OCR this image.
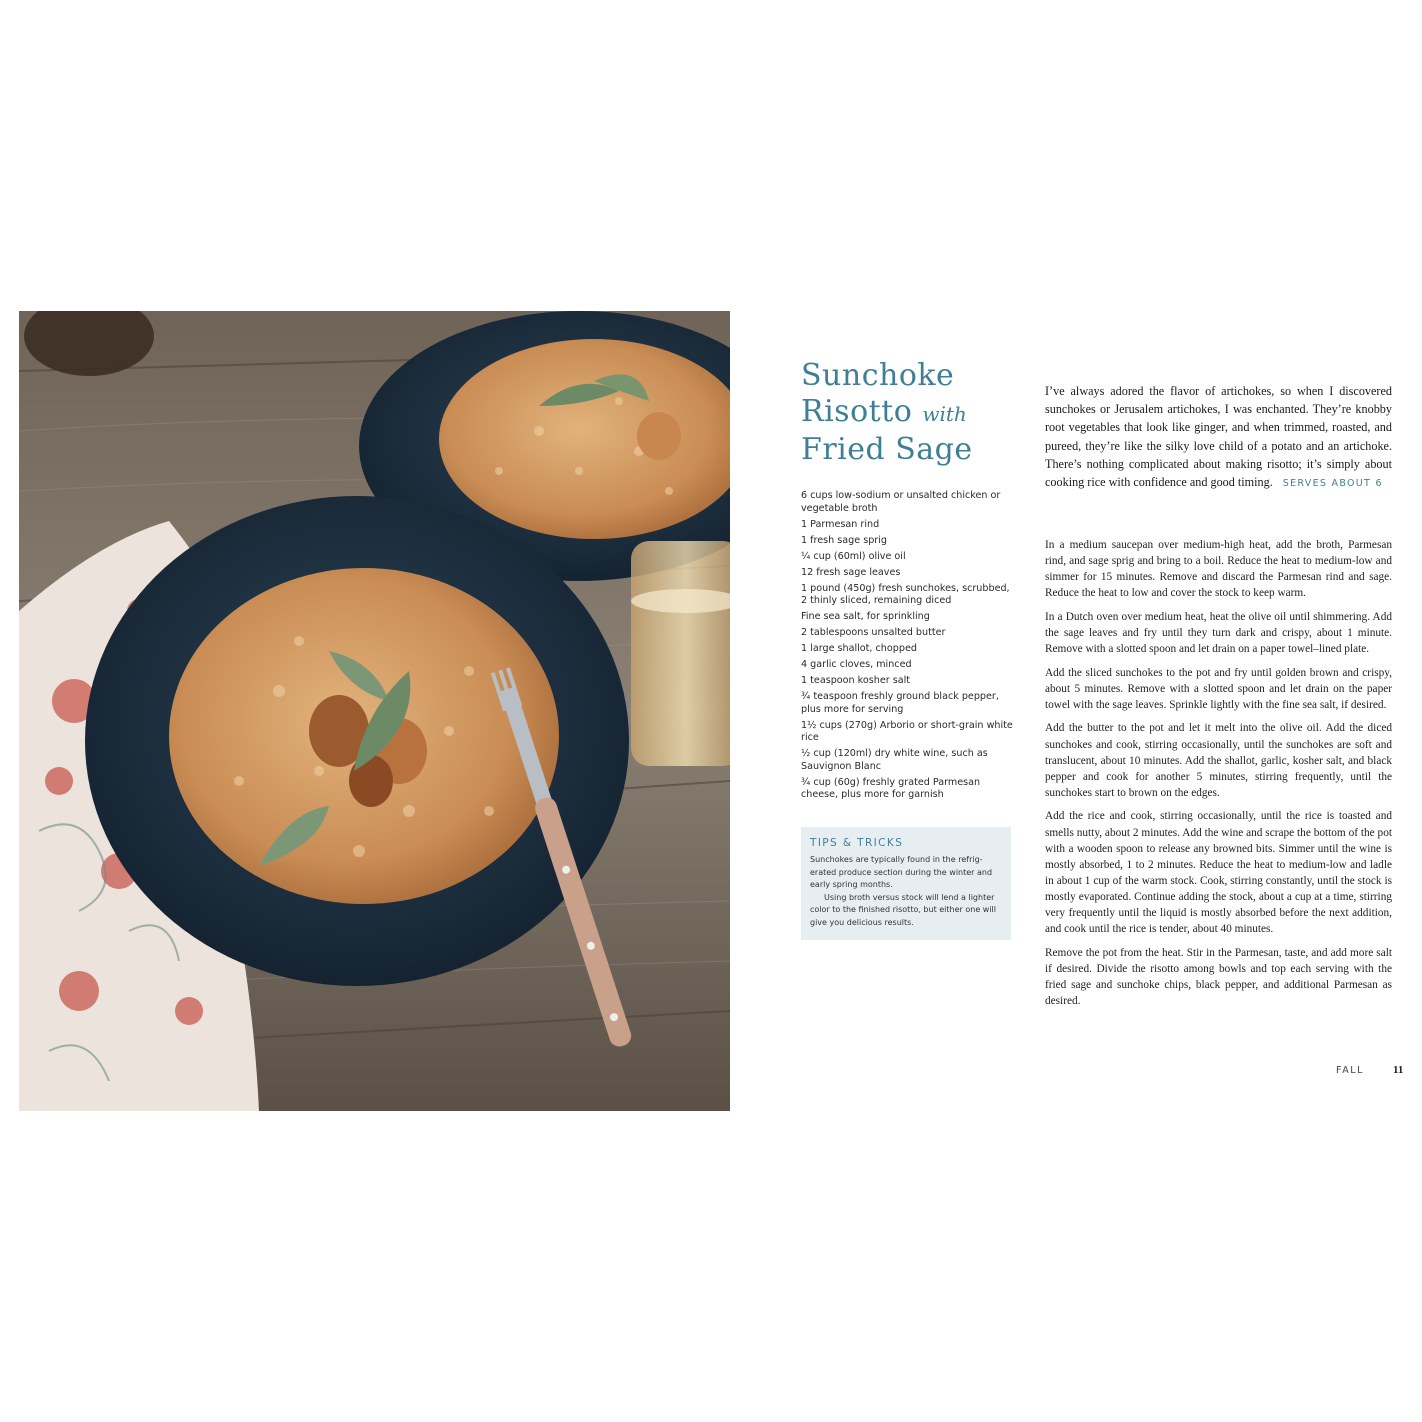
Sunchoke
Risotto with
Fried Sage
6 cups low-sodium or unsalted chicken or vegetable broth
1 Parmesan rind
1 fresh sage sprig
¼ cup (60ml) olive oil
12 fresh sage leaves
1 pound (450g) fresh sunchokes, scrubbed, 2 thinly sliced, remaining diced
Fine sea salt, for sprinkling
2 tablespoons unsalted butter
1 large shallot, chopped
4 garlic cloves, minced
1 teaspoon kosher salt
¾ teaspoon freshly ground black pepper, plus more for serving
1½ cups (270g) Arborio or short-grain white rice
½ cup (120ml) dry white wine, such as Sauvignon Blanc
¾ cup (60g) freshly grated Parmesan cheese, plus more for garnish
TIPS & TRICKS

Sunchokes are typically found in the refrig- erated produce section during the winter and early spring months.

Using broth versus stock will lend a lighter color to the finished risotto, but either one will give you delicious results.

I’ve always adored the flavor of artichokes, so when I discovered sunchokes or Jerusalem artichokes, I was enchanted. They’re knobby root vegetables that look like ginger, and when trimmed, roasted, and pureed, they’re like the silky love child of a potato and an artichoke. There’s nothing complicated about making risotto; it’s simply about cooking rice with confidence and good timing. SERVES ABOUT 6

In a medium saucepan over medium-high heat, add the broth, Parmesan rind, and sage sprig and bring to a boil. Reduce the heat to medium-low and simmer for 15 minutes. Remove and discard the Parmesan rind and sage. Reduce the heat to low and cover the stock to keep warm.

In a Dutch oven over medium heat, heat the olive oil until shimmering. Add the sage leaves and fry until they turn dark and crispy, about 1 minute. Remove with a slotted spoon and let drain on a paper towel–lined plate.

Add the sliced sunchokes to the pot and fry until golden brown and crispy, about 5 minutes. Remove with a slotted spoon and let drain on the paper towel with the sage leaves. Sprinkle lightly with the fine sea salt, if desired.

Add the butter to the pot and let it melt into the olive oil. Add the diced sunchokes and cook, stirring occasionally, until the sunchokes are soft and translucent, about 10 minutes. Add the shallot, garlic, kosher salt, and black pepper and cook for another 5 minutes, stirring frequently, until the sunchokes start to brown on the edges.

Add the rice and cook, stirring occasionally, until the rice is toasted and smells nutty, about 2 minutes. Add the wine and scrape the bottom of the pot with a wooden spoon to release any browned bits. Simmer until the wine is mostly absorbed, 1 to 2 minutes. Reduce the heat to medium-low and ladle in about 1 cup of the warm stock. Cook, stirring constantly, until the stock is mostly evaporated. Continue adding the stock, about a cup at a time, stirring very frequently until the liquid is mostly absorbed before the next addition, and cook until the rice is tender, about 40 minutes.

Remove the pot from the heat. Stir in the Parmesan, taste, and add more salt if desired. Divide the risotto among bowls and top each serving with the fried sage and sunchoke chips, black pepper, and additional Parmesan as desired.

FALL	11
